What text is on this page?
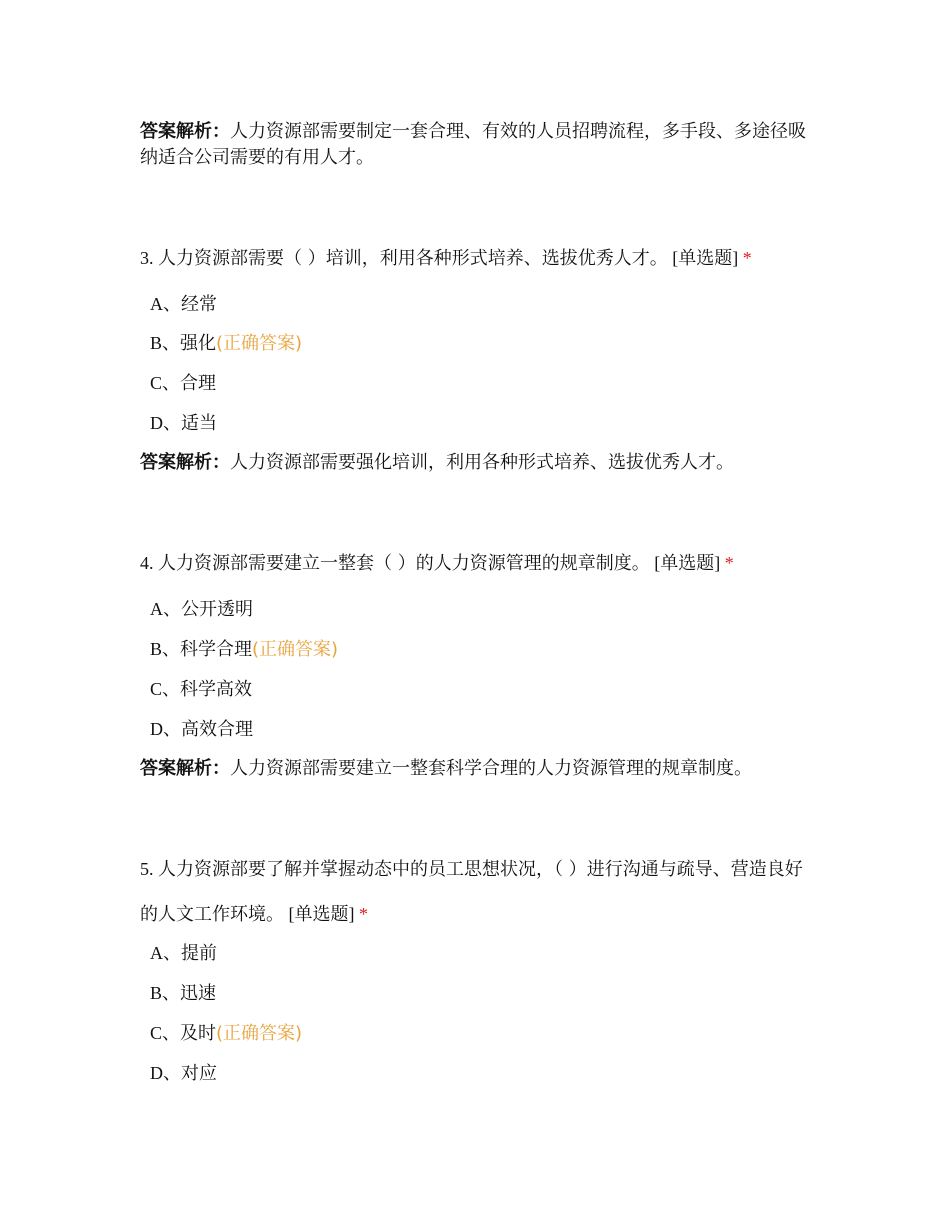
答案解析：人力资源部需要制定一套合理、有效的人员招聘流程，多手段、多途径吸纳适合公司需要的有用人才。
3. 人力资源部需要（ ）培训，利用各种形式培养、选拔优秀人才。 [单选题] *
A、经常
B、强化(正确答案)
C、合理
D、适当
答案解析：人力资源部需要强化培训，利用各种形式培养、选拔优秀人才。
4. 人力资源部需要建立一整套（ ）的人力资源管理的规章制度。 [单选题] *
A、公开透明
B、科学合理(正确答案)
C、科学高效
D、高效合理
答案解析：人力资源部需要建立一整套科学合理的人力资源管理的规章制度。
5. 人力资源部要了解并掌握动态中的员工思想状况，（ ）进行沟通与疏导、营造良好的人文工作环境。 [单选题] *
A、提前
B、迅速
C、及时(正确答案)
D、对应
